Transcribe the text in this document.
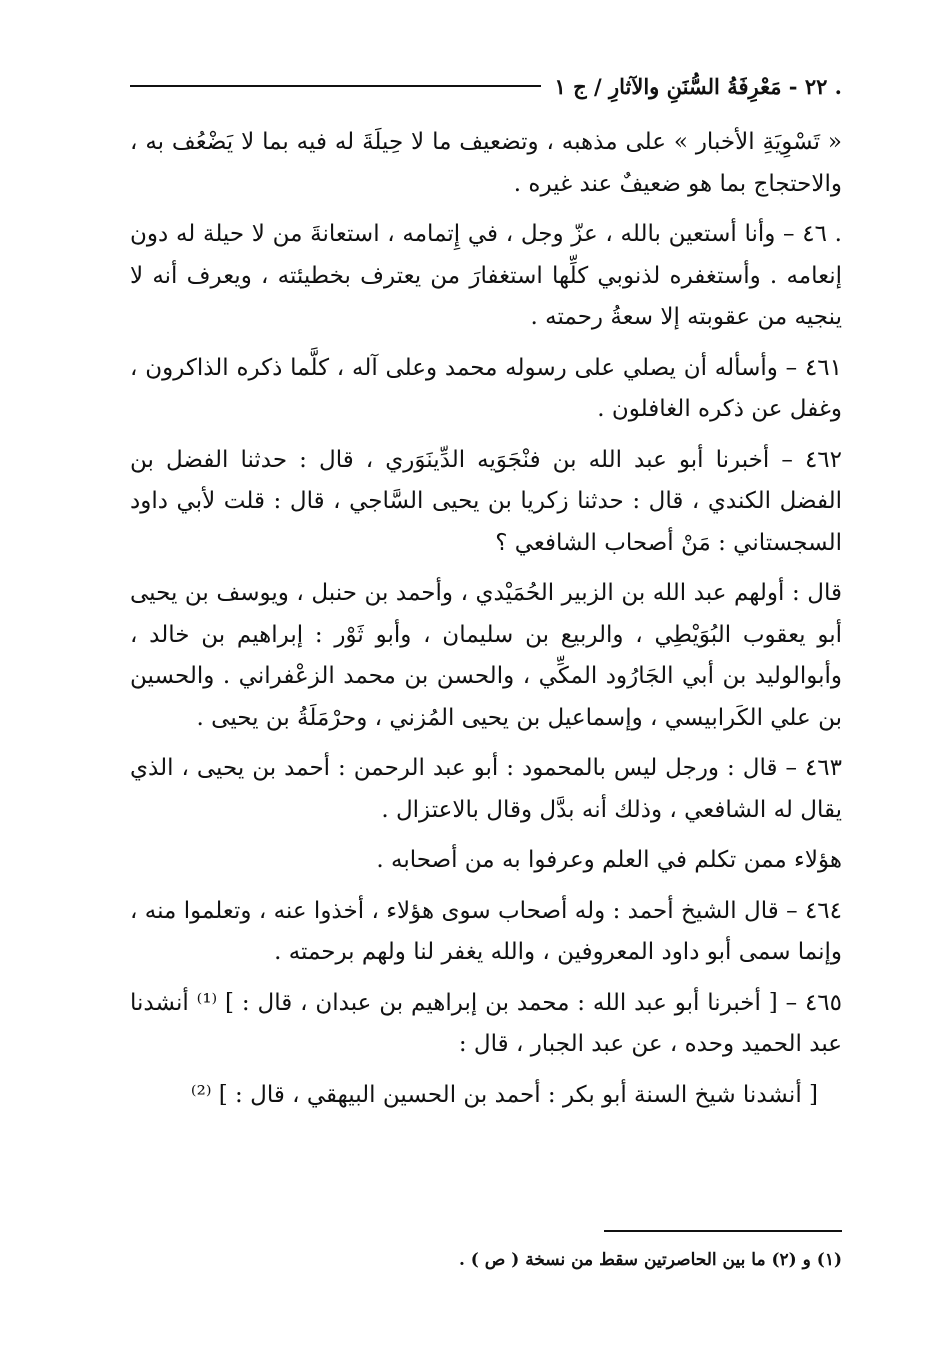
. ٢٢ - مَعْرِفَةُ السُّنَنِ والآثارِ / ج ١

« تَسْوِيَةِ الأخبار » على مذهبه ، وتضعيف ما لا حِيلَةَ له فيه بما لا يَضْعُف به ، والاحتجاج بما هو ضعيفٌ عند غيره .

. ٤٦ – وأنا أستعين بالله ، عزّ وجل ، في إِتمامه ، استعانةَ من لا حيلة له دون إنعامه . وأستغفره لذنوبي كلِّها استغفارَ من يعترف بخطيئته ، ويعرف أنه لا ينجيه من عقوبته إلا سعةُ رحمته .

٤٦١ – وأسأله أن يصلي على رسوله محمد وعلى آله ، كلَّما ذكره الذاكرون ، وغفل عن ذكره الغافلون .

٤٦٢ – أخبرنا أبو عبد الله بن فنْجَوَيه الدِّينَوَري ، قال : حدثنا الفضل بن الفضل الكندي ، قال : حدثنا زكريا بن يحيى السَّاجي ، قال : قلت لأبي داود السجستاني : مَنْ أصحاب الشافعي ؟

قال : أولهم عبد الله بن الزبير الحُمَيْدي ، وأحمد بن حنبل ، ويوسف بن يحيى أبو يعقوب البُوَيْطِي ، والربيع بن سليمان ، وأبو ثَوْر : إبراهيم بن خالد ، وأبوالوليد بن أبي الجَارُود المكِّي ، والحسن بن محمد الزعْفراني . والحسين بن علي الكَرابيسي ، وإسماعيل بن يحيى المُزني ، وحرْمَلَةُ بن يحيى .

٤٦٣ – قال : ورجل ليس بالمحمود : أبو عبد الرحمن : أحمد بن يحيى ، الذي يقال له الشافعي ، وذلك أنه بدَّل وقال بالاعتزال .

هؤلاء ممن تكلم في العلم وعرفوا به من أصحابه .

٤٦٤ – قال الشيخ أحمد : وله أصحاب سوى هؤلاء ، أخذوا عنه ، وتعلموا منه ، وإنما سمى أبو داود المعروفين ، والله يغفر لنا ولهم برحمته .

٤٦٥ – [ أخبرنا أبو عبد الله : محمد بن إبراهيم بن عبدان ، قال : ] ⁽¹⁾ أنشدنا عبد الحميد وحده ، عن عبد الجبار ، قال :

[ أنشدنا شيخ السنة أبو بكر : أحمد بن الحسين البيهقي ، قال : ] ⁽²⁾

(١) و (٢) ما بين الحاصرتين سقط من نسخة ( ص ) .
